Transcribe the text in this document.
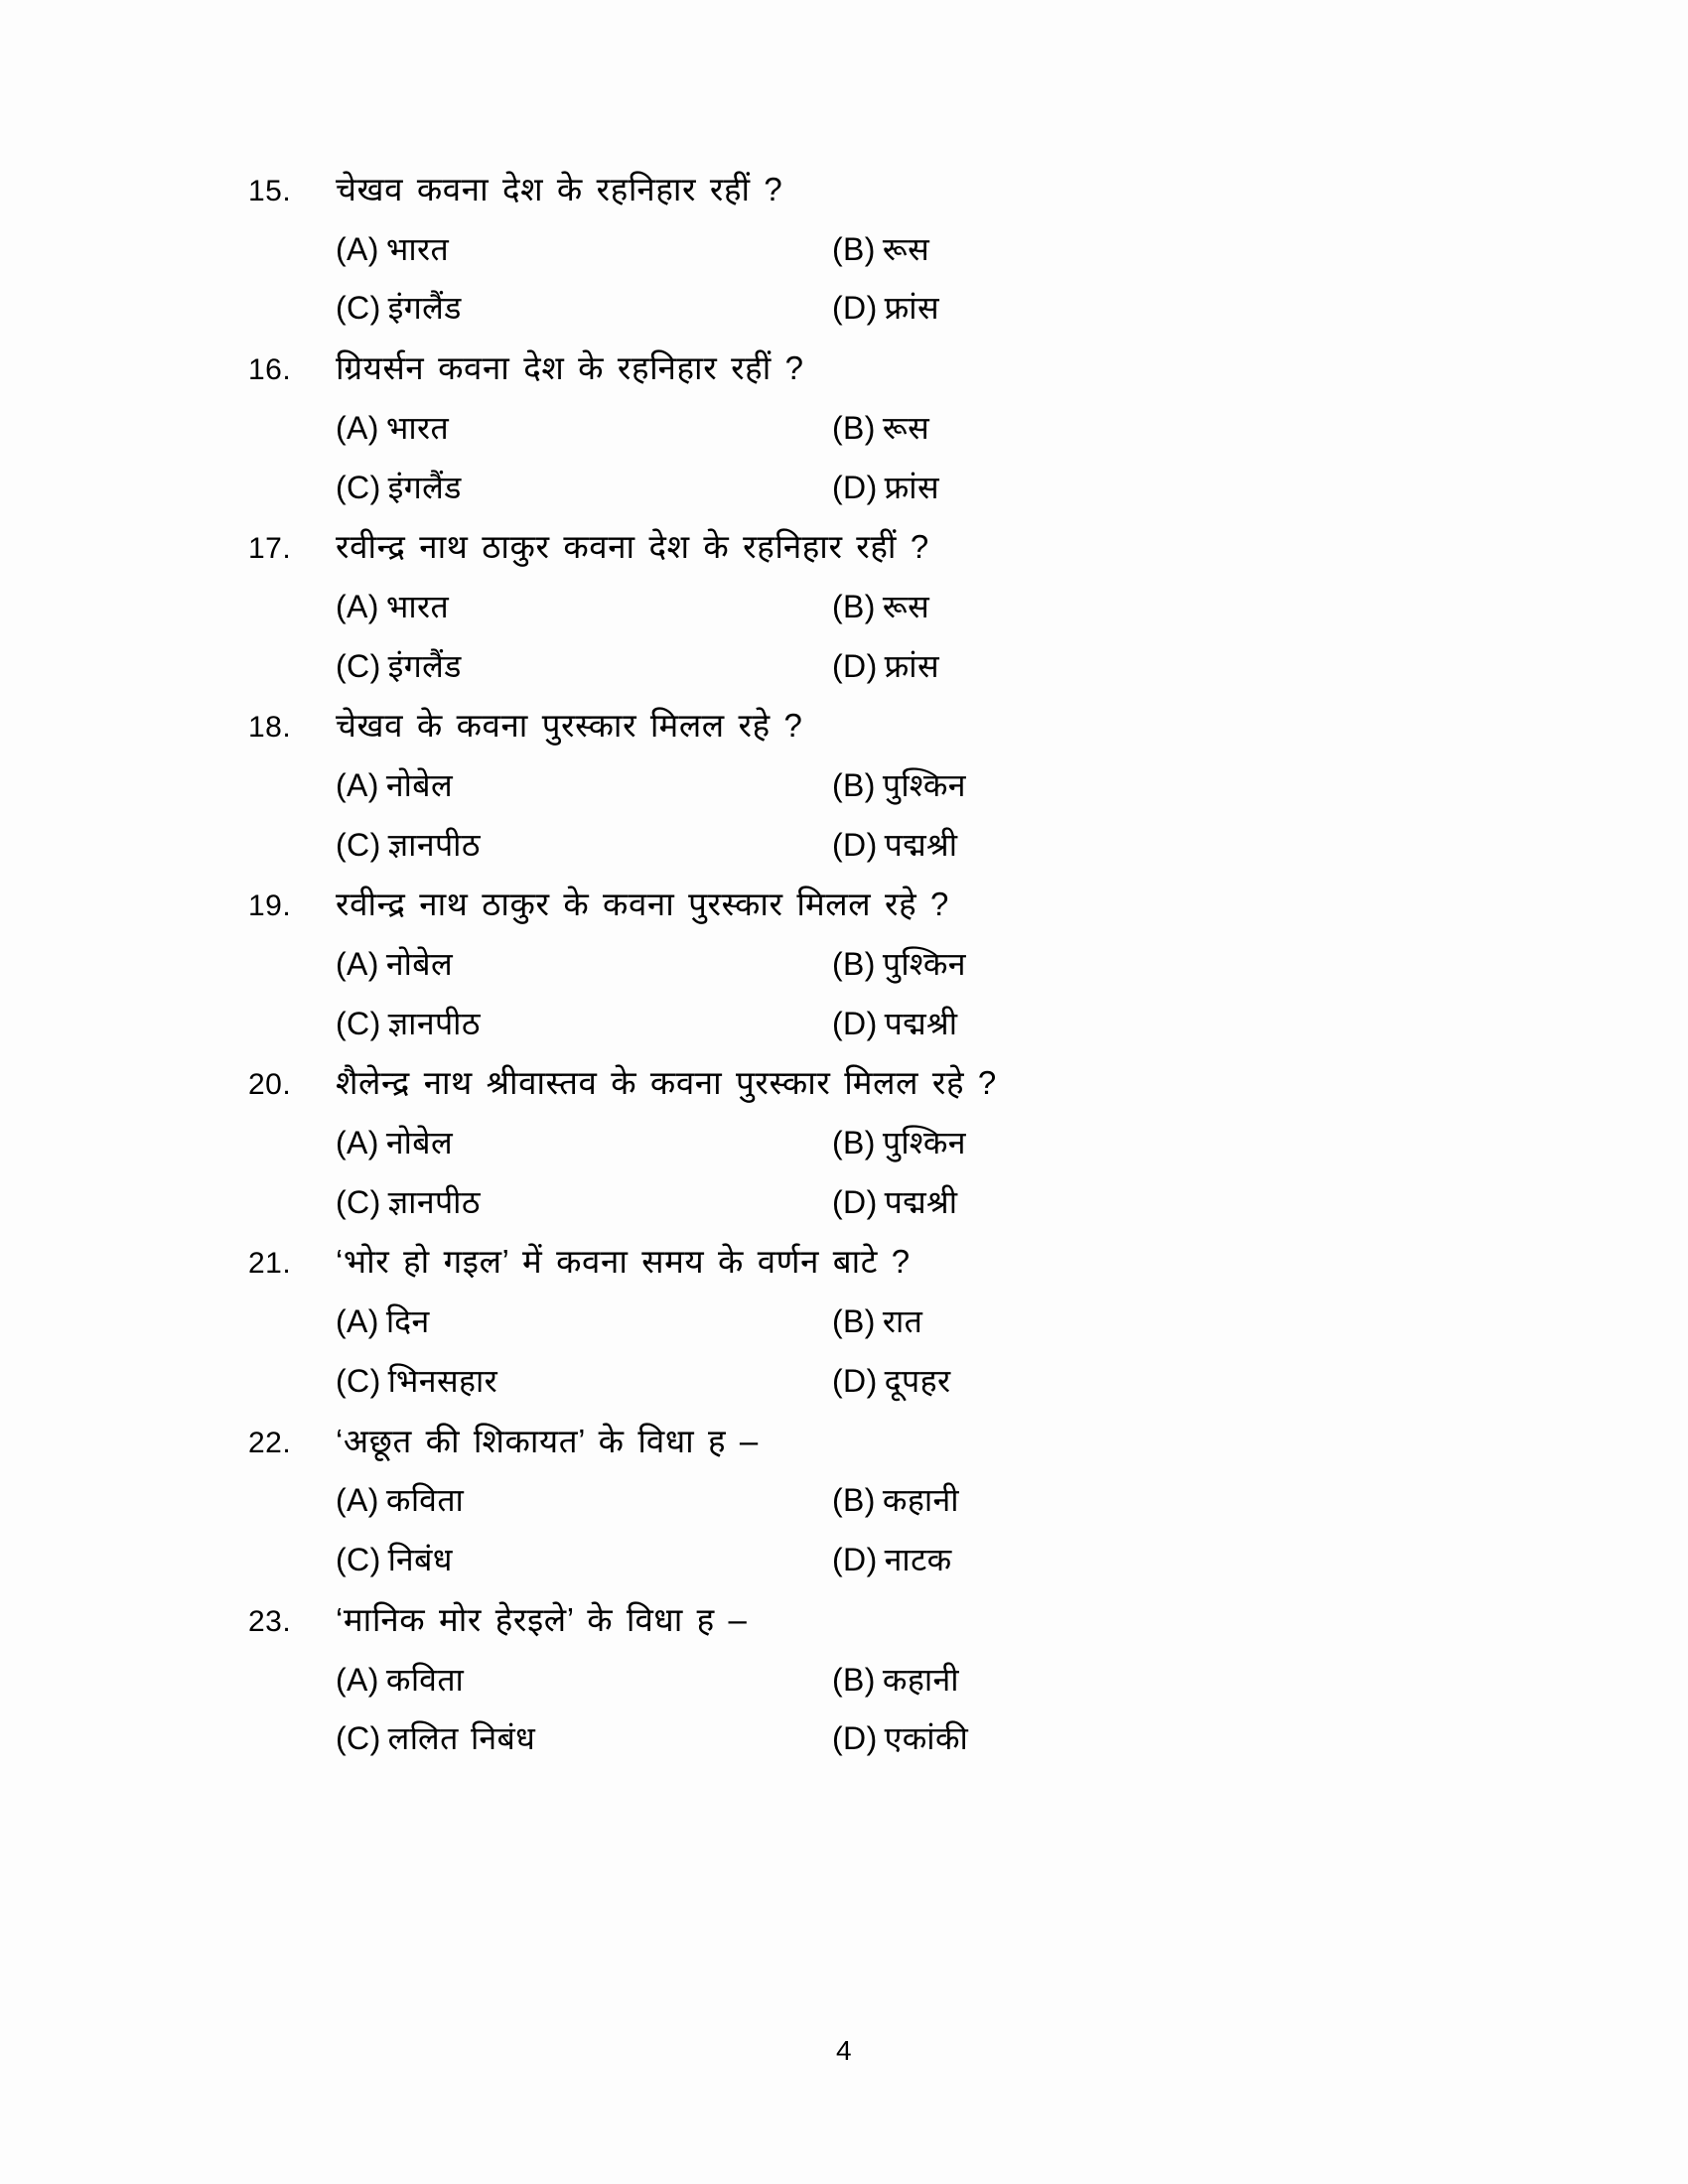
15.	चेखव कवना देश के रहनिहार रहीं ?
(A) भारत	(B) रूस
(C) इंगलैंड	(D) फ्रांस
16.	ग्रियर्सन कवना देश के रहनिहार रहीं ?
(A) भारत	(B) रूस
(C) इंगलैंड	(D) फ्रांस
17.	रवीन्द्र नाथ ठाकुर कवना देश के रहनिहार रहीं ?
(A) भारत	(B) रूस
(C) इंगलैंड	(D) फ्रांस
18.	चेखव के कवना पुरस्कार मिलल रहे ?
(A) नोबेल	(B) पुश्किन
(C) ज्ञानपीठ	(D) पद्मश्री
19.	रवीन्द्र नाथ ठाकुर के कवना पुरस्कार मिलल रहे ?
(A) नोबेल	(B) पुश्किन
(C) ज्ञानपीठ	(D) पद्मश्री
20.	शैलेन्द्र नाथ श्रीवास्तव के कवना पुरस्कार मिलल रहे ?
(A) नोबेल	(B) पुश्किन
(C) ज्ञानपीठ	(D) पद्मश्री
21.	‘भोर हो गइल’ में कवना समय के वर्णन बाटे ?
(A) दिन	(B) रात
(C) भिनसहार	(D) दूपहर
22.	‘अछूत की शिकायत’ के विधा ह –
(A) कविता	(B) कहानी
(C) निबंध	(D) नाटक
23.	‘मानिक मोर हेरइले’ के विधा ह –
(A) कविता	(B) कहानी
(C) ललित निबंध	(D) एकांकी
4
